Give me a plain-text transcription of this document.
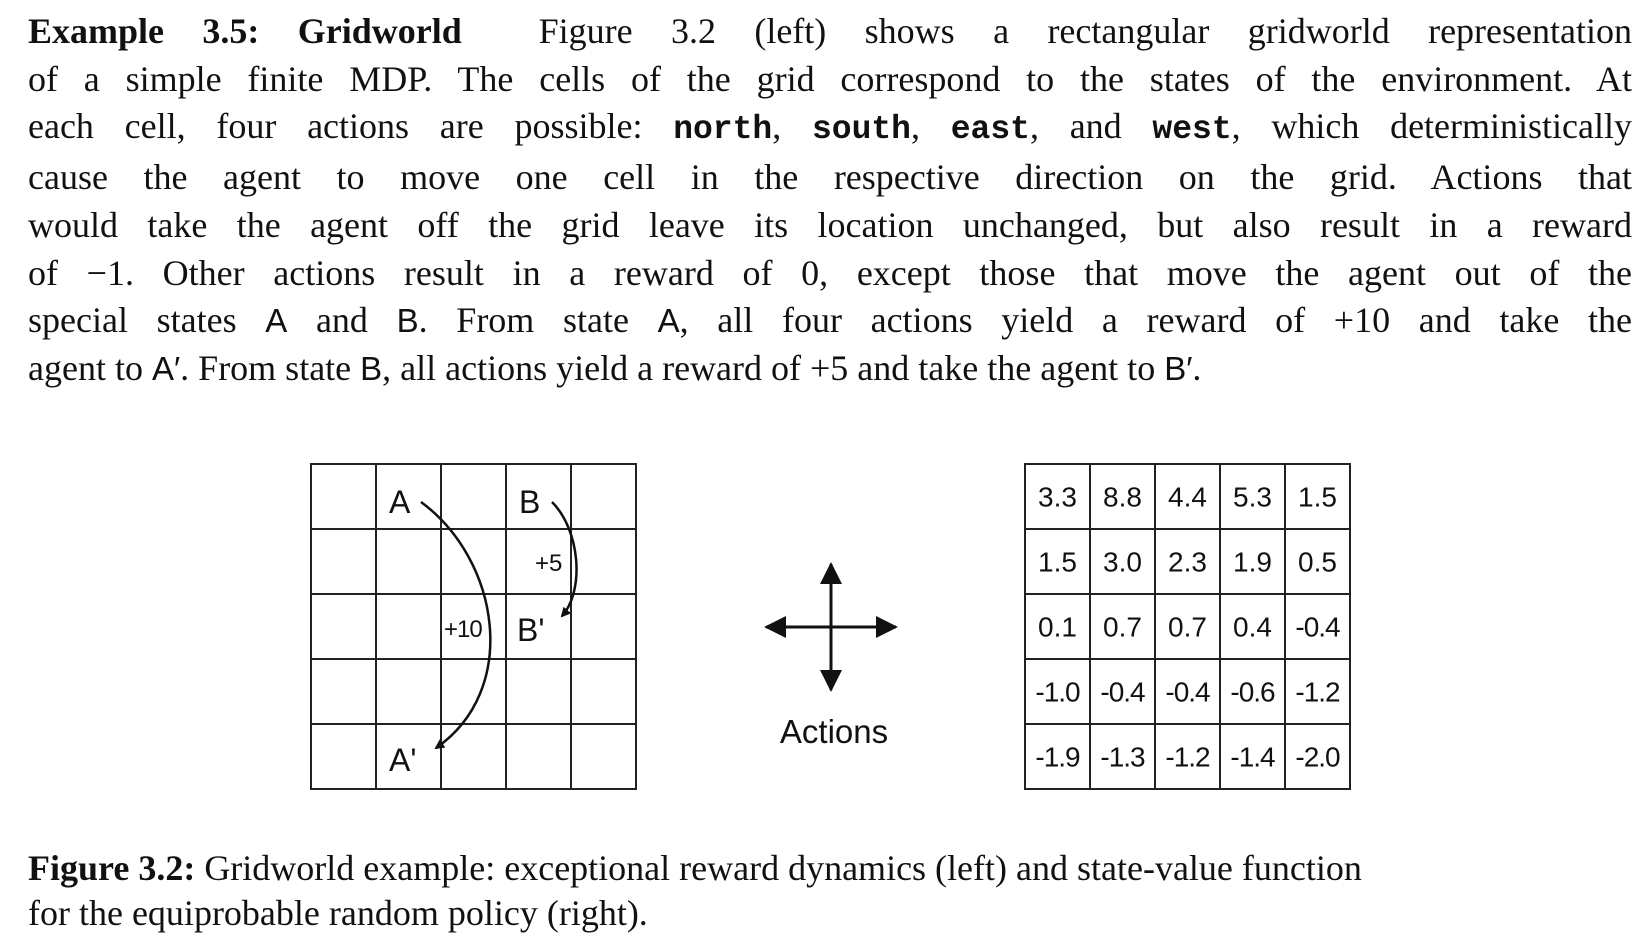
Example 3.5: Gridworld Figure 3.2 (left) shows a rectangular gridworld representation
of a simple finite MDP. The cells of the grid correspond to the states of the environment. At
each cell, four actions are possible: north, south, east, and west, which deterministically
cause the agent to move one cell in the respective direction on the grid. Actions that
would take the agent off the grid leave its location unchanged, but also result in a reward
of −1. Other actions result in a reward of 0, except those that move the agent out of the
special states A and B. From state A, all four actions yield a reward of +10 and take the
agent to A′. From state B, all actions yield a reward of +5 and take the agent to B′.
A	B
A'
B'
+10
+5
Actions
3.3 8.8 4.4 5.3 1.5
1.5 3.0 2.3 1.9 0.5
0.1 0.7 0.7 0.4 -0.4
-1.0 -0.4 -0.4 -0.6 -1.2
-1.9 -1.3 -1.2 -1.4 -2.0
Figure 3.2: Gridworld example: exceptional reward dynamics (left) and state-value function
for the equiprobable random policy (right).
